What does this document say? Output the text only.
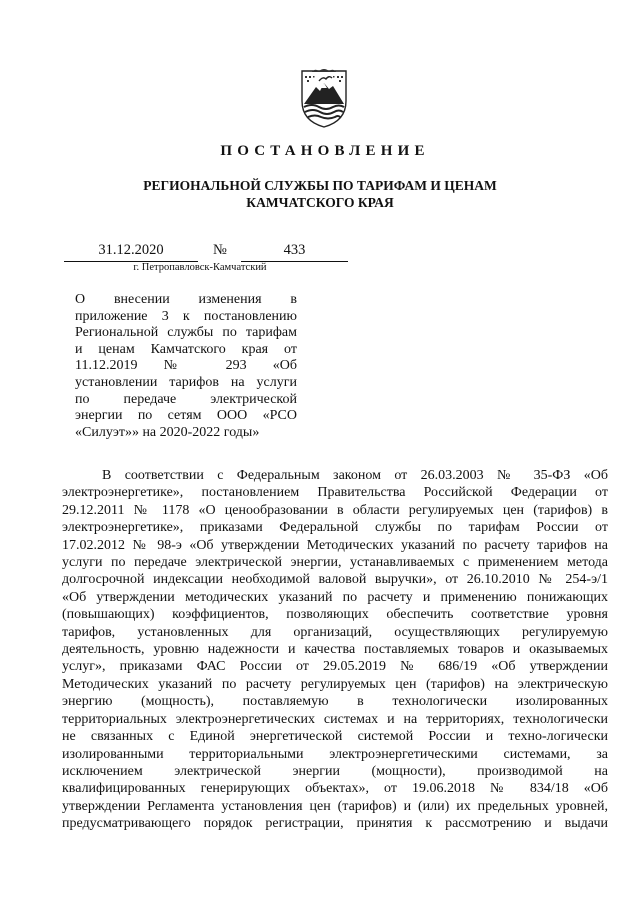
ПОСТАНОВЛЕНИЕ
РЕГИОНАЛЬНОЙ СЛУЖБЫ ПО ТАРИФАМ И ЦЕНАМ
КАМЧАТСКОГО КРАЯ
31.12.2020	№	433
г. Петропавловск-Камчатский
О внесении изменения в
приложение 3 к постановлению
Региональной службы по тарифам
и ценам Камчатского края от
11.12.2019 № 293 «Об
установлении тарифов на услуги
по передаче электрической
энергии по сетям ООО «РСО
«Силуэт»» на 2020-2022 годы»
В соответствии с Федеральным законом от 26.03.2003 № 35-ФЗ «Об
электроэнергетике», постановлением Правительства Российской Федерации от
29.12.2011 № 1178 «О ценообразовании в области регулируемых цен (тарифов) в
электроэнергетике», приказами Федеральной службы по тарифам России от
17.02.2012 № 98-э «Об утверждении Методических указаний по расчету тарифов на
услуги по передаче электрической энергии, устанавливаемых с применением метода
долгосрочной индексации необходимой валовой выручки», от 26.10.2010 № 254-э/1
«Об утверждении методических указаний по расчету и применению понижающих
(повышающих) коэффициентов, позволяющих обеспечить соответствие уровня
тарифов, установленных для организаций, осуществляющих регулируемую
деятельность, уровню надежности и качества поставляемых товаров и оказываемых
услуг», приказами ФАС России от 29.05.2019 № 686/19 «Об утверждении
Методических указаний по расчету регулируемых цен (тарифов) на электрическую
энергию (мощность), поставляемую в технологически изолированных
территориальных электроэнергетических системах и на территориях, технологически
не связанных с Единой энергетической системой России и техно-логически
изолированными территориальными электроэнергетическими системами, за
исключением электрической энергии (мощности), производимой на
квалифицированных генерирующих объектах», от 19.06.2018 № 834/18 «Об
утверждении Регламента установления цен (тарифов) и (или) их предельных уровней,
предусматривающего порядок регистрации, принятия к рассмотрению и выдачи
